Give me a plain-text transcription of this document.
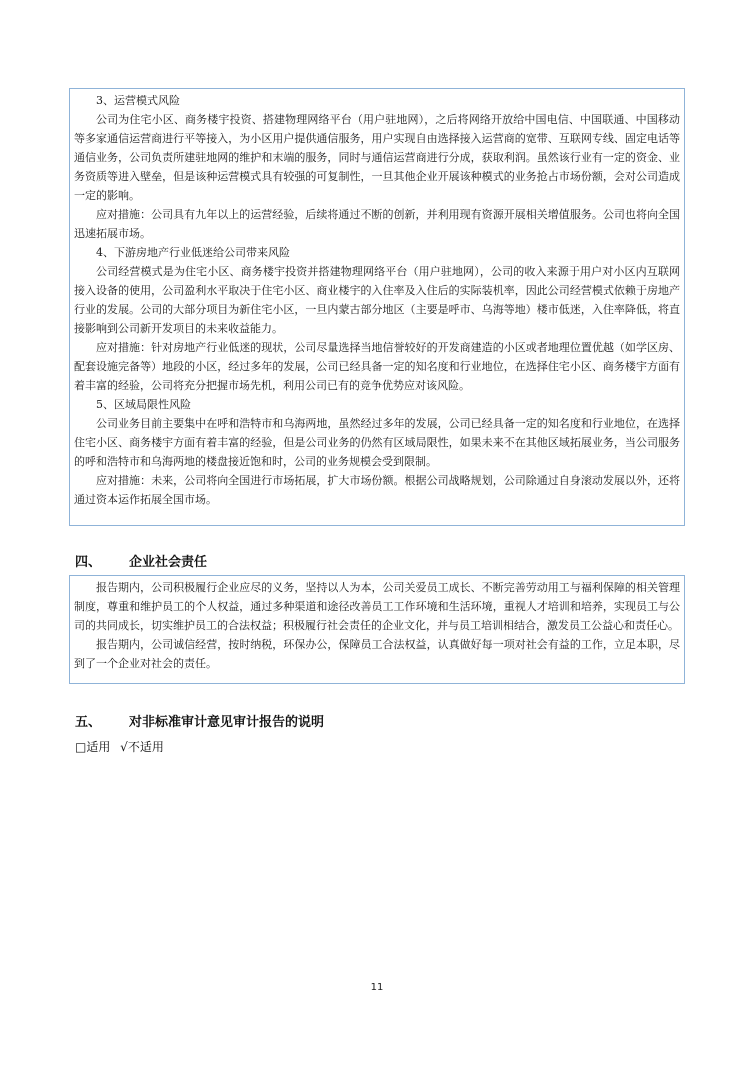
3、运营模式风险

公司为住宅小区、商务楼宇投资、搭建物理网络平台（用户驻地网），之后将网络开放给中国电信、中国联通、中国移动等多家通信运营商进行平等接入，为小区用户提供通信服务，用户实现自由选择接入运营商的宽带、互联网专线、固定电话等通信业务，公司负责所建驻地网的维护和末端的服务，同时与通信运营商进行分成，获取利润。虽然该行业有一定的资金、业务资质等进入壁垒，但是该种运营模式具有较强的可复制性，一旦其他企业开展该种模式的业务抢占市场份额，会对公司造成一定的影响。

应对措施：公司具有九年以上的运营经验，后续将通过不断的创新，并利用现有资源开展相关增值服务。公司也将向全国迅速拓展市场。

4、下游房地产行业低迷给公司带来风险

公司经营模式是为住宅小区、商务楼宇投资并搭建物理网络平台（用户驻地网），公司的收入来源于用户对小区内互联网接入设备的使用，公司盈利水平取决于住宅小区、商业楼宇的入住率及入住后的实际装机率，因此公司经营模式依赖于房地产行业的发展。公司的大部分项目为新住宅小区，一旦内蒙古部分地区（主要是呼市、乌海等地）楼市低迷，入住率降低，将直接影响到公司新开发项目的未来收益能力。

应对措施：针对房地产行业低迷的现状，公司尽量选择当地信誉较好的开发商建造的小区或者地理位置优越（如学区房、配套设施完备等）地段的小区，经过多年的发展，公司已经具备一定的知名度和行业地位，在选择住宅小区、商务楼宇方面有着丰富的经验，公司将充分把握市场先机，利用公司已有的竞争优势应对该风险。

5、区域局限性风险

公司业务目前主要集中在呼和浩特市和乌海两地，虽然经过多年的发展，公司已经具备一定的知名度和行业地位，在选择住宅小区、商务楼宇方面有着丰富的经验，但是公司业务的仍然有区域局限性，如果未来不在其他区域拓展业务，当公司服务的呼和浩特市和乌海两地的楼盘接近饱和时，公司的业务规模会受到限制。

应对措施：未来，公司将向全国进行市场拓展，扩大市场份额。根据公司战略规划，公司除通过自身滚动发展以外，还将通过资本运作拓展全国市场。

四、 企业社会责任

报告期内，公司积极履行企业应尽的义务，坚持以人为本，公司关爱员工成长、不断完善劳动用工与福利保障的相关管理制度，尊重和维护员工的个人权益，通过多种渠道和途径改善员工工作环境和生活环境，重视人才培训和培养，实现员工与公司的共同成长，切实维护员工的合法权益；积极履行社会责任的企业文化，并与员工培训相结合，激发员工公益心和责任心。

报告期内，公司诚信经营，按时纳税，环保办公，保障员工合法权益，认真做好每一项对社会有益的工作，立足本职，尽到了一个企业对社会的责任。

五、 对非标准审计意见审计报告的说明
□适用 √不适用
11
